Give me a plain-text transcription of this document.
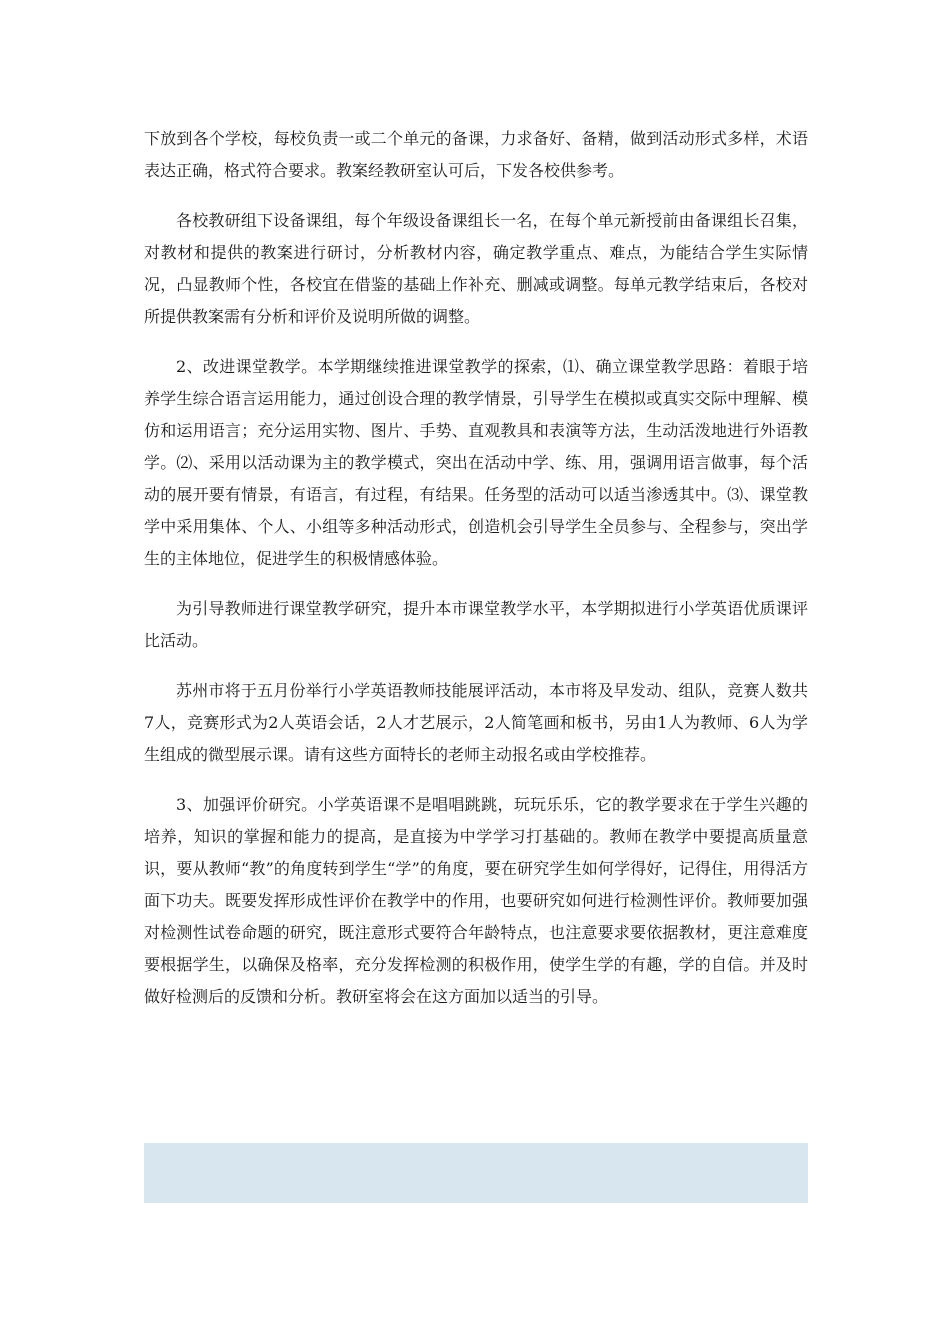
下放到各个学校，每校负责一或二个单元的备课，力求备好、备精，做到活动形式多样，术语表达正确，格式符合要求。教案经教研室认可后，下发各校供参考。

各校教研组下设备课组，每个年级设备课组长一名，在每个单元新授前由备课组长召集，对教材和提供的教案进行研讨，分析教材内容，确定教学重点、难点，为能结合学生实际情况，凸显教师个性，各校宜在借鉴的基础上作补充、删减或调整。每单元教学结束后，各校对所提供教案需有分析和评价及说明所做的调整。

2、改进课堂教学。本学期继续推进课堂教学的探索，⑴、确立课堂教学思路：着眼于培养学生综合语言运用能力，通过创设合理的教学情景，引导学生在模拟或真实交际中理解、模仿和运用语言；充分运用实物、图片、手势、直观教具和表演等方法，生动活泼地进行外语教学。⑵、采用以活动课为主的教学模式，突出在活动中学、练、用，强调用语言做事，每个活动的展开要有情景，有语言，有过程，有结果。任务型的活动可以适当渗透其中。⑶、课堂教学中采用集体、个人、小组等多种活动形式，创造机会引导学生全员参与、全程参与，突出学生的主体地位，促进学生的积极情感体验。

为引导教师进行课堂教学研究，提升本市课堂教学水平，本学期拟进行小学英语优质课评比活动。

苏州市将于五月份举行小学英语教师技能展评活动，本市将及早发动、组队，竞赛人数共7人，竞赛形式为2人英语会话，2人才艺展示，2人简笔画和板书，另由1人为教师、6人为学生组成的微型展示课。请有这些方面特长的老师主动报名或由学校推荐。

3、加强评价研究。小学英语课不是唱唱跳跳，玩玩乐乐，它的教学要求在于学生兴趣的培养，知识的掌握和能力的提高，是直接为中学学习打基础的。教师在教学中要提高质量意识，要从教师“教”的角度转到学生“学”的角度，要在研究学生如何学得好，记得住，用得活方面下功夫。既要发挥形成性评价在教学中的作用，也要研究如何进行检测性评价。教师要加强对检测性试卷命题的研究，既注意形式要符合年龄特点，也注意要求要依据教材，更注意难度要根据学生，以确保及格率，充分发挥检测的积极作用，使学生学的有趣，学的自信。并及时做好检测后的反馈和分析。教研室将会在这方面加以适当的引导。
